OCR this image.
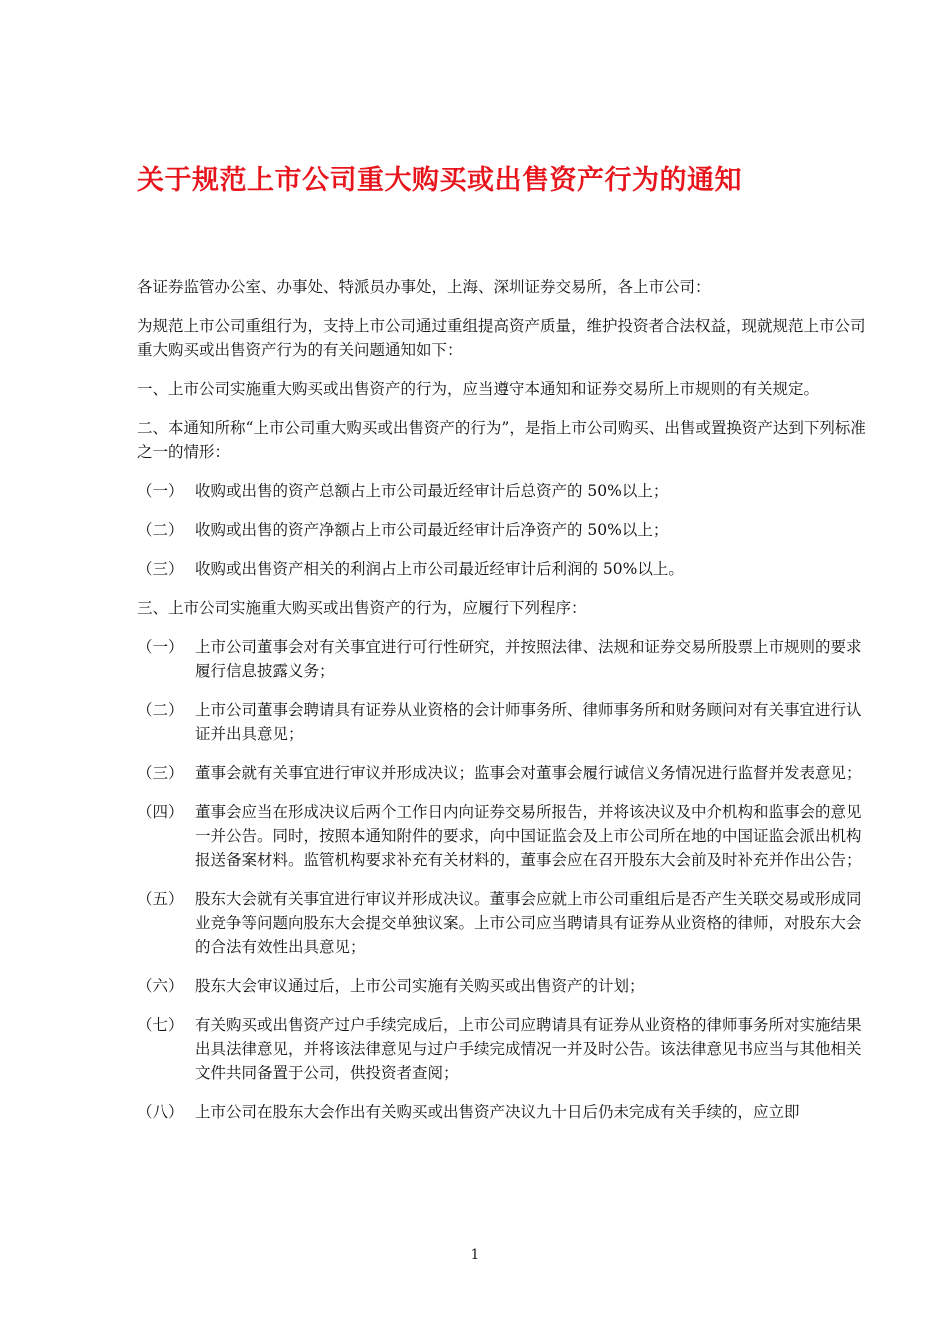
关于规范上市公司重大购买或出售资产行为的通知

各证券监管办公室、办事处、特派员办事处，上海、深圳证券交易所，各上市公司：

为规范上市公司重组行为，支持上市公司通过重组提高资产质量，维护投资者合法权益，现就规范上市公司重大购买或出售资产行为的有关问题通知如下：

一、上市公司实施重大购买或出售资产的行为，应当遵守本通知和证券交易所上市规则的有关规定。

二、本通知所称“上市公司重大购买或出售资产的行为”，是指上市公司购买、出售或置换资产达到下列标准之一的情形：

（一） 收购或出售的资产总额占上市公司最近经审计后总资产的 50%以上；
（二） 收购或出售的资产净额占上市公司最近经审计后净资产的 50%以上；
（三） 收购或出售资产相关的利润占上市公司最近经审计后利润的 50%以上。

三、上市公司实施重大购买或出售资产的行为，应履行下列程序：

（一） 上市公司董事会对有关事宜进行可行性研究，并按照法律、法规和证券交易所股票上市规则的要求履行信息披露义务；
（二） 上市公司董事会聘请具有证券从业资格的会计师事务所、律师事务所和财务顾问对有关事宜进行认证并出具意见；
（三） 董事会就有关事宜进行审议并形成决议；监事会对董事会履行诚信义务情况进行监督并发表意见；
（四） 董事会应当在形成决议后两个工作日内向证券交易所报告，并将该决议及中介机构和监事会的意见一并公告。同时，按照本通知附件的要求，向中国证监会及上市公司所在地的中国证监会派出机构报送备案材料。监管机构要求补充有关材料的，董事会应在召开股东大会前及时补充并作出公告；
（五） 股东大会就有关事宜进行审议并形成决议。董事会应就上市公司重组后是否产生关联交易或形成同业竞争等问题向股东大会提交单独议案。上市公司应当聘请具有证券从业资格的律师，对股东大会的合法有效性出具意见；
（六） 股东大会审议通过后，上市公司实施有关购买或出售资产的计划；
（七） 有关购买或出售资产过户手续完成后，上市公司应聘请具有证券从业资格的律师事务所对实施结果出具法律意见，并将该法律意见与过户手续完成情况一并及时公告。该法律意见书应当与其他相关文件共同备置于公司，供投资者查阅；
（八） 上市公司在股东大会作出有关购买或出售资产决议九十日后仍未完成有关手续的，应立即
1
